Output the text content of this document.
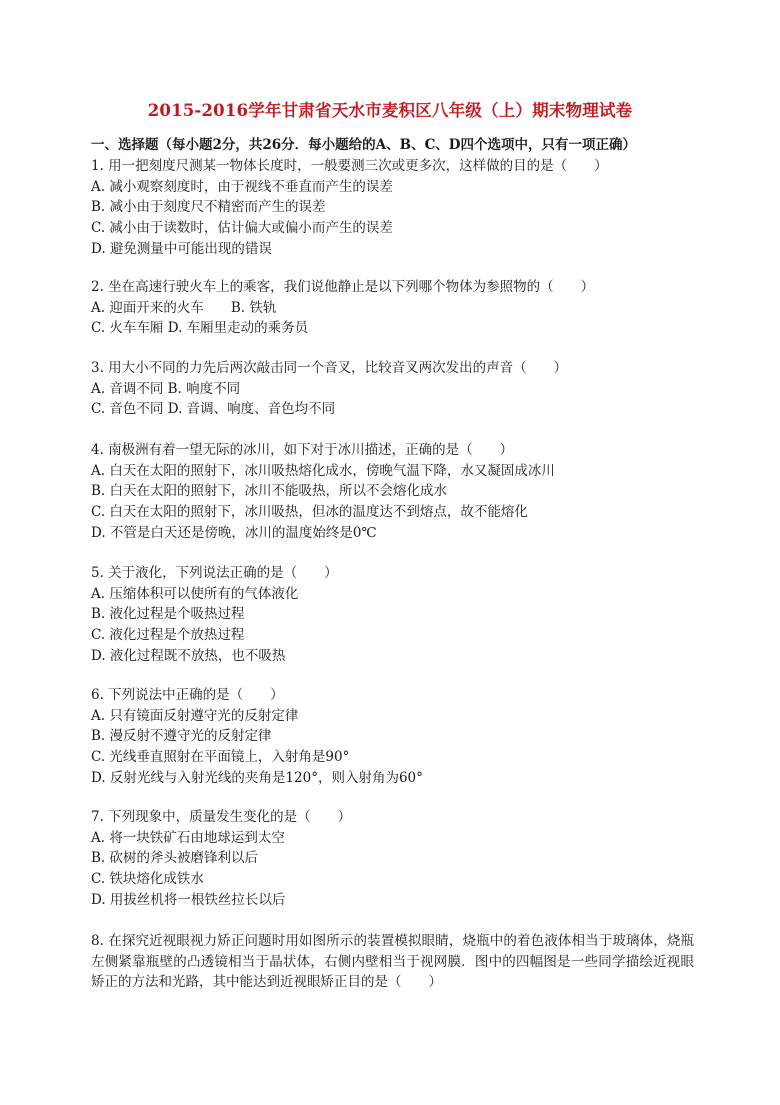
2015-2016学年甘肃省天水市麦积区八年级（上）期末物理试卷
一、选择题（每小题2分，共26分．每小题给的A、B、C、D四个选项中，只有一项正确）
1. 用一把刻度尺测某一物体长度时，一般要测三次或更多次，这样做的目的是（　　）
A. 减小观察刻度时，由于视线不垂直而产生的误差
B. 减小由于刻度尺不精密而产生的误差
C. 减小由于读数时，估计偏大或偏小而产生的误差
D. 避免测量中可能出现的错误
2. 坐在高速行驶火车上的乘客，我们说他静止是以下列哪个物体为参照物的（　　）
A. 迎面开来的火车　　B. 铁轨
C. 火车车厢 D. 车厢里走动的乘务员
3. 用大小不同的力先后两次敲击同一个音叉，比较音叉两次发出的声音（　　）
A. 音调不同 B. 响度不同
C. 音色不同 D. 音调、响度、音色均不同
4. 南极洲有着一望无际的冰川，如下对于冰川描述，正确的是（　　）
A. 白天在太阳的照射下，冰川吸热熔化成水，傍晚气温下降，水又凝固成冰川
B. 白天在太阳的照射下，冰川不能吸热，所以不会熔化成水
C. 白天在太阳的照射下，冰川吸热，但冰的温度达不到熔点，故不能熔化
D. 不管是白天还是傍晚，冰川的温度始终是0℃
5. 关于液化，下列说法正确的是（　　）
A. 压缩体积可以使所有的气体液化
B. 液化过程是个吸热过程
C. 液化过程是个放热过程
D. 液化过程既不放热，也不吸热
6. 下列说法中正确的是（　　）
A. 只有镜面反射遵守光的反射定律
B. 漫反射不遵守光的反射定律
C. 光线垂直照射在平面镜上，入射角是90°
D. 反射光线与入射光线的夹角是120°，则入射角为60°
7. 下列现象中，质量发生变化的是（　　）
A. 将一块铁矿石由地球运到太空
B. 砍树的斧头被磨锋利以后
C. 铁块熔化成铁水
D. 用拔丝机将一根铁丝拉长以后
8. 在探究近视眼视力矫正问题时用如图所示的装置模拟眼睛，烧瓶中的着色液体相当于玻璃体，烧瓶左侧紧靠瓶壁的凸透镜相当于晶状体，右侧内壁相当于视网膜．图中的四幅图是一些同学描绘近视眼矫正的方法和光路，其中能达到近视眼矫正目的是（　　）
